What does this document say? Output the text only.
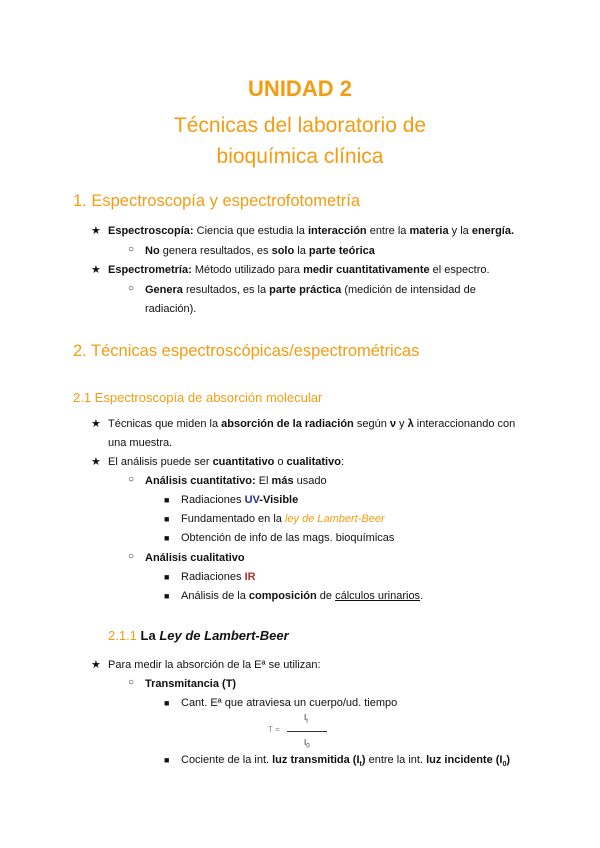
UNIDAD 2
Técnicas del laboratorio de
bioquímica clínica
1. Espectroscopía y espectrofotometría
★ Espectroscopía: Ciencia que estudia la interacción entre la materia y la energía.
○ No genera resultados, es solo la parte teórica
★ Espectrometría: Método utilizado para medir cuantitativamente el espectro.
○ Genera resultados, es la parte práctica (medición de intensidad de
radiación).
2. Técnicas espectroscópicas/espectrométricas
2.1 Espectroscopía de absorción molecular
★ Técnicas que miden la absorción de la radiación según ν y λ interaccionando con
una muestra.
★ El análisis puede ser cuantitativo o cualitativo:
○ Análisis cuantitativo: El más usado
■ Radiaciones UV-Visible
■ Fundamentado en la ley de Lambert-Beer
■ Obtención de info de las mags. bioquímicas
○ Análisis cualitativo
■ Radiaciones IR
■ Análisis de la composición de cálculos urinarios.
2.1.1 La Ley de Lambert-Beer
★ Para medir la absorción de la Eª se utilizan:
○ Transmitancia (T)
■ Cant. Eª que atraviesa un cuerpo/ud. tiempo
T =
$I_t$
$I_0$
■ Cociente de la int. luz transmitida $(I_t)$ entre la int. luz incidente $(I_0)$
